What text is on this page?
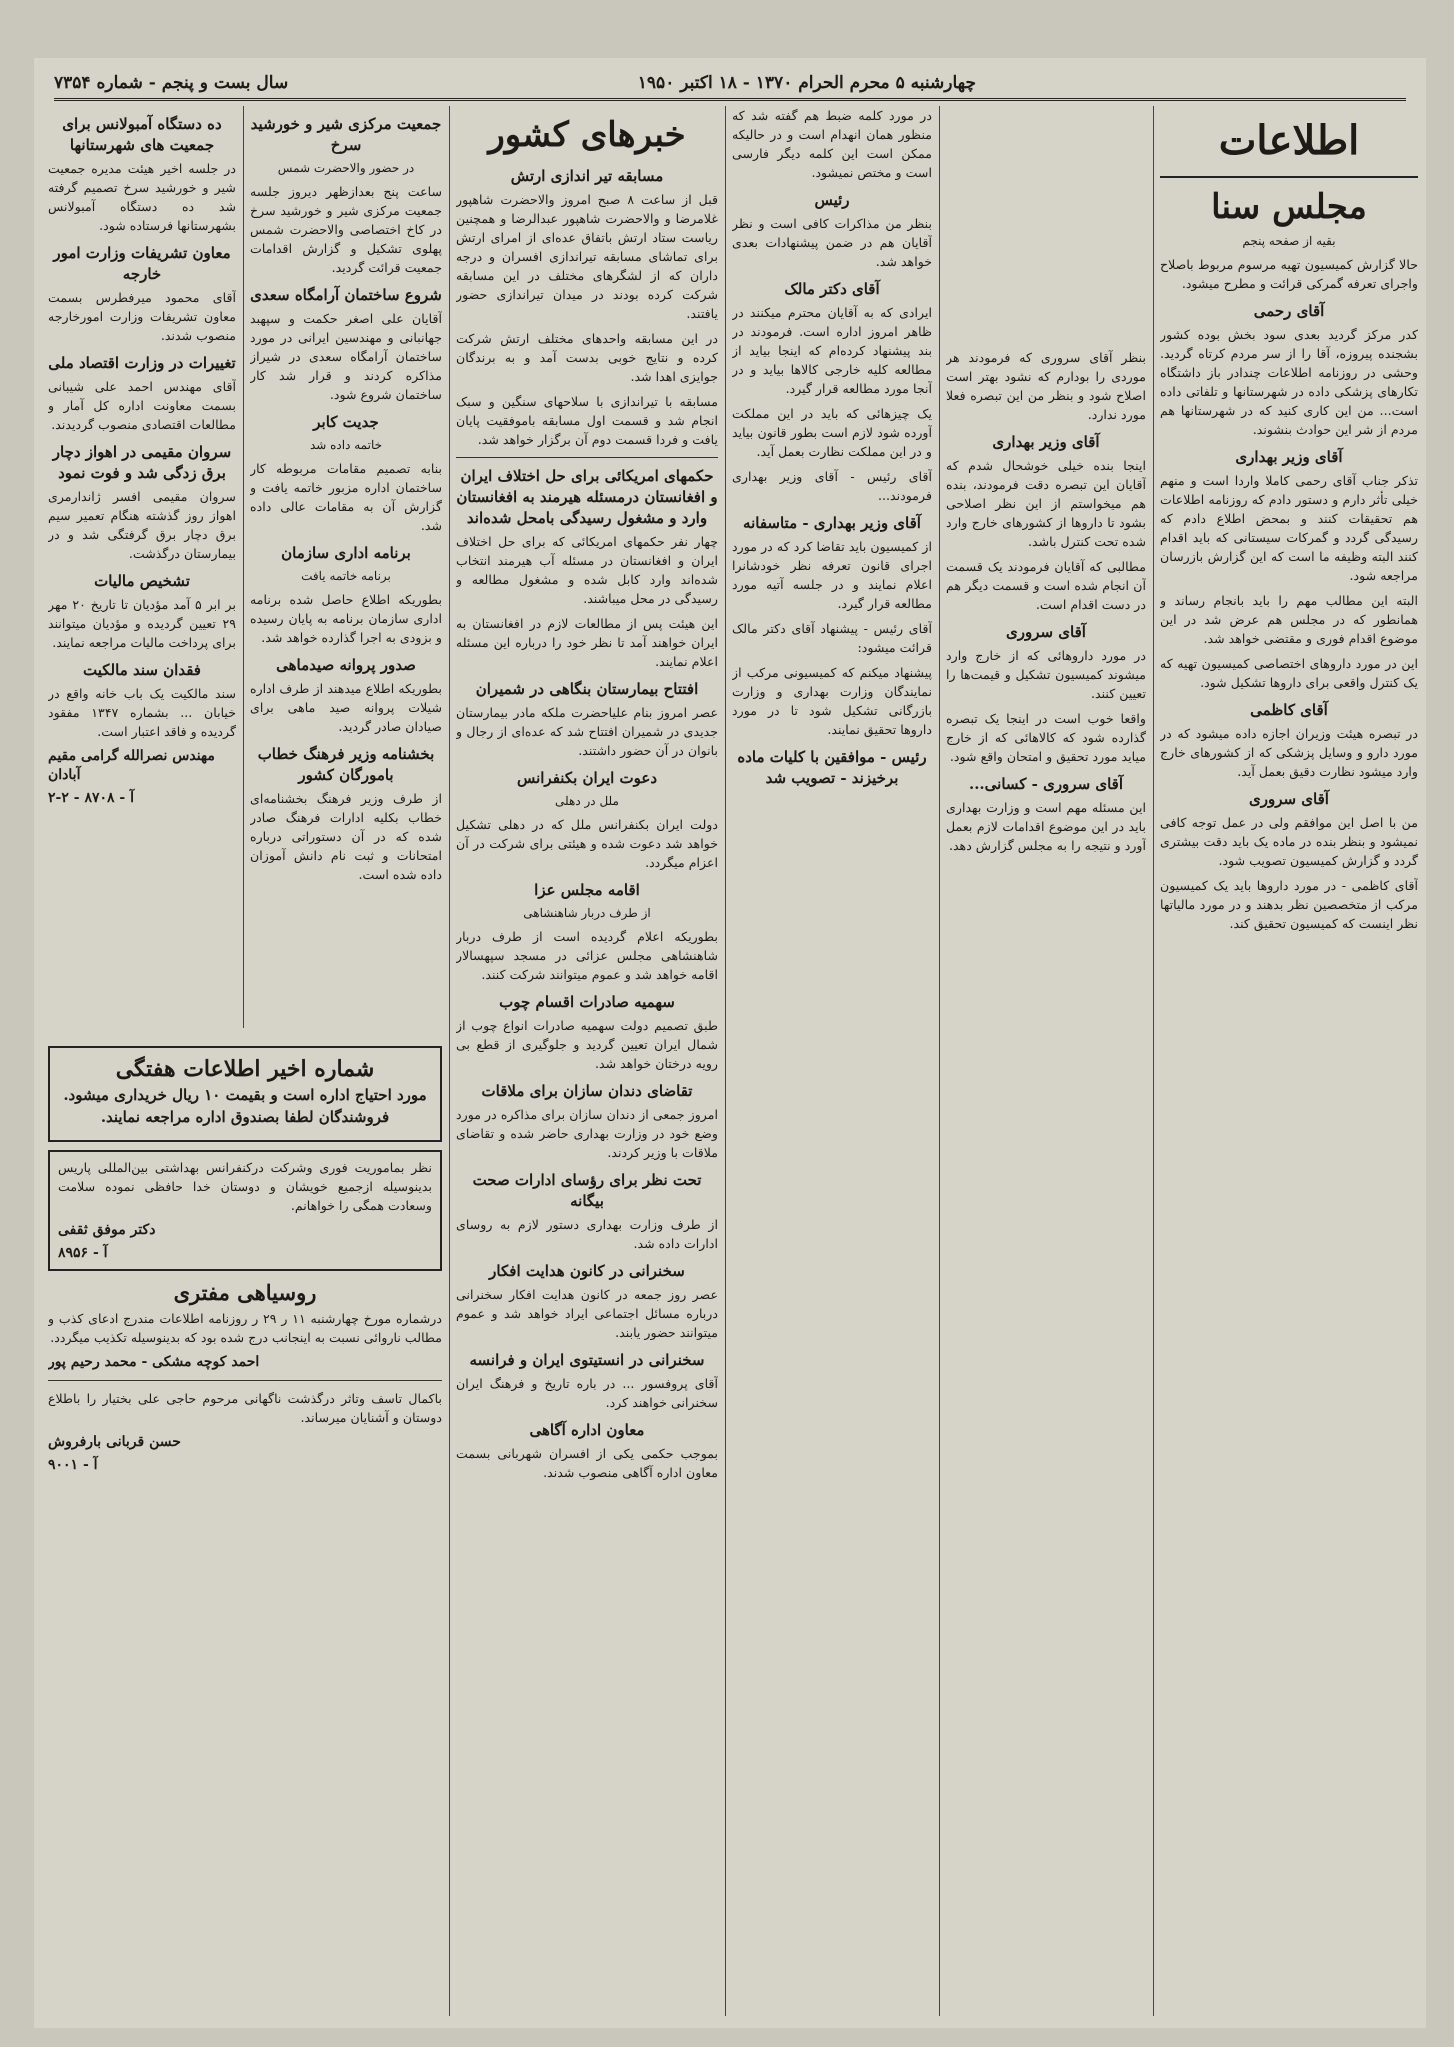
چهارشنبه ۵ محرم الحرام ۱۳۷۰ - ۱۸ اکتبر ۱۹۵۰
سال بست و پنجم - شماره ۷۳۵۴
اطلاعات
مجلس سنا
بقیه از صفحه پنجم

حالا گزارش کمیسیون تهیه مرسوم مربوط باصلاح واجرای تعرفه گمرکی قرائت و مطرح میشود.

آقای رحمی

کدر مرکز گردید بعدی سود بخش بوده کشور بشجنده پیروزه، آقا را از سر مردم کرتاه گردید. وحشی در روزنامه اطلاعات چندادر باز داشتگاه تکارهای پزشکی داده در شهرستانها و تلفاتی داده است... من این کاری کنید که در شهرستانها هم مردم از شر این حوادث بنشوند.

آقای وزیر بهداری

تذکر جناب آقای رحمی کاملا واردا است و منهم خیلی تأثر دارم و دستور دادم که روزنامه اطلاعات هم تحقیقات کنند و بمحض اطلاع دادم که رسیدگی گردد و گمرکات سیستانی که باید اقدام کنند البته وظیفه ما است که این گزارش بازرسان مراجعه شود.

البته این مطالب مهم را باید بانجام رساند و همانطور که در مجلس هم عرض شد در این موضوع اقدام فوری و مقتضی خواهد شد.

این در مورد داروهای اختصاصی کمیسیون تهیه که یک کنترل واقعی برای داروها تشکیل شود.

آقای کاظمی

در تبصره هیئت وزیران اجازه داده میشود که در مورد دارو و وسایل پزشکی که از کشورهای خارج وارد میشود نظارت دقیق بعمل آید.

آقای سروری

من با اصل این موافقم ولی در عمل توجه کافی نمیشود و بنظر بنده در ماده یک باید دقت بیشتری گردد و گزارش کمیسیون تصویب شود.

آقای کاظمی - در مورد داروها باید یک کمیسیون مرکب از متخصصین نظر بدهند و در مورد مالیاتها نظر اینست که کمیسیون تحقیق کند.

بنظر آقای سروری که فرمودند هر موردی را بودارم که نشود بهتر است اصلاح شود و بنظر من این تبصره فعلا مورد ندارد.

آقای وزیر بهداری

اینجا بنده خیلی خوشحال شدم که آقایان این تبصره دقت فرمودند، بنده هم میخواستم از این نظر اصلاحی بشود تا داروها از کشورهای خارج وارد شده تحت کنترل باشد.

مطالبی که آقایان فرمودند یک قسمت آن انجام شده است و قسمت دیگر هم در دست اقدام است.

آقای سروری

در مورد داروهائی که از خارج وارد میشوند کمیسیون تشکیل و قیمت‌ها را تعیین کنند.

واقعا خوب است در اینجا یک تبصره گذارده شود که کالاهائی که از خارج میاید مورد تحقیق و امتحان واقع شود.

آقای سروری - کسانی...

این مسئله مهم است و وزارت بهداری باید در این موضوع اقدامات لازم بعمل آورد و نتیجه را به مجلس گزارش دهد.

در مورد کلمه ضبط هم گفته شد که منظور همان انهدام است و در حالیکه ممکن است این کلمه دیگر فارسی است و مختص نمیشود.

رئیس

بنظر من مذاکرات کافی است و نظر آقایان هم در ضمن پیشنهادات بعدی خواهد شد.

آقای دکتر مالک

ایرادی که به آقایان محترم میکنند در ظاهر امروز اداره است. فرمودند در بند پیشنهاد کرده‌ام که اینجا بیاید از مطالعه کلیه خارجی کالاها بیاید و در آنجا مورد مطالعه قرار گیرد.

یک چیزهائی که باید در این مملکت آورده شود لازم است بطور قانون بیاید و در این مملکت نظارت بعمل آید.

آقای رئیس - آقای وزیر بهداری فرمودند...

آقای وزیر بهداری - متاسفانه

از کمیسیون باید تقاضا کرد که در مورد اجرای قانون تعرفه نظر خودشانرا اعلام نمایند و در جلسه آتیه مورد مطالعه قرار گیرد.

آقای رئیس - پیشنهاد آقای دکتر مالک قرائت میشود:

پیشنهاد میکنم که کمیسیونی مرکب از نمایندگان وزارت بهداری و وزارت بازرگانی تشکیل شود تا در مورد داروها تحقیق نمایند.

رئیس - موافقین با کلیات ماده برخیزند - تصویب شد
خبرهای کشور
مسابقه تیر اندازی ارتش

قبل از ساعت ۸ صبح امروز والاحضرت شاهپور غلامرضا و والاحضرت شاهپور عبدالرضا و همچنین ریاست ستاد ارتش باتفاق عده‌ای از امرای ارتش برای تماشای مسابقه تیراندازی افسران و درجه داران که از لشگرهای مختلف در این مسابقه شرکت کرده بودند در میدان تیراندازی حضور یافتند.

در این مسابقه واحدهای مختلف ارتش شرکت کرده و نتایج خوبی بدست آمد و به برندگان جوایزی اهدا شد.

مسابقه با تیراندازی با سلاحهای سنگین و سبک انجام شد و قسمت اول مسابقه باموفقیت پایان یافت و فردا قسمت دوم آن برگزار خواهد شد.

حکمهای امریکائی برای حل اختلاف ایران و افغانستان درمسئله هیرمند به افغانستان وارد و مشغول رسیدگی بامحل شده‌اند

چهار نفر حکمهای امریکائی که برای حل اختلاف ایران و افغانستان در مسئله آب هیرمند انتخاب شده‌اند وارد کابل شده و مشغول مطالعه و رسیدگی در محل میباشند.

این هیئت پس از مطالعات لازم در افغانستان به ایران خواهند آمد تا نظر خود را درباره این مسئله اعلام نمایند.

افتتاح بیمارستان بنگاهی در شمیران

عصر امروز بنام علیاحضرت ملکه مادر بیمارستان جدیدی در شمیران افتتاح شد که عده‌ای از رجال و بانوان در آن حضور داشتند.

دعوت ایران بکنفرانس
ملل در دهلی

دولت ایران بکنفرانس ملل که در دهلی تشکیل خواهد شد دعوت شده و هیئتی برای شرکت در آن اعزام میگردد.

اقامه مجلس عزا
از طرف دربار شاهنشاهی

بطوریکه اعلام گردیده است از طرف دربار شاهنشاهی مجلس عزائی در مسجد سپهسالار اقامه خواهد شد و عموم میتوانند شرکت کنند.

سهمیه صادرات اقسام چوب

طبق تصمیم دولت سهمیه صادرات انواع چوب از شمال ایران تعیین گردید و جلوگیری از قطع بی رویه درختان خواهد شد.

تقاضای دندان سازان برای ملاقات

امروز جمعی از دندان سازان برای مذاکره در مورد وضع خود در وزارت بهداری حاضر شده و تقاضای ملاقات با وزیر کردند.

تحت نظر برای رؤسای ادارات صحت بیگانه

از طرف وزارت بهداری دستور لازم به روسای ادارات داده شد.

سخنرانی در کانون هدایت افکار

عصر روز جمعه در کانون هدایت افکار سخنرانی درباره مسائل اجتماعی ایراد خواهد شد و عموم میتوانند حضور یابند.

سخنرانی در انستیتوی ایران و فرانسه

آقای پروفسور ... در باره تاریخ و فرهنگ ایران سخنرانی خواهند کرد.

معاون اداره آگاهی

بموجب حکمی یکی از افسران شهربانی بسمت معاون اداره آگاهی منصوب شدند.

جمعیت مرکزی شیر و خورشید سرخ
در حضور والاحضرت شمس

ساعت پنج بعدازظهر دیروز جلسه جمعیت مرکزی شیر و خورشید سرخ در کاخ اختصاصی والاحضرت شمس پهلوی تشکیل و گزارش اقدامات جمعیت قرائت گردید.

شروع ساختمان آرامگاه سعدی

آقایان علی اصغر حکمت و سپهبد جهانبانی و مهندسین ایرانی در مورد ساختمان آرامگاه سعدی در شیراز مذاکره کردند و قرار شد کار ساختمان شروع شود.

جدیت کابر
خاتمه داده شد

بنابه تصمیم مقامات مربوطه کار ساختمان اداره مزبور خاتمه یافت و گزارش آن به مقامات عالی داده شد.

برنامه اداری سازمان
برنامه خاتمه یافت

بطوریکه اطلاع حاصل شده برنامه اداری سازمان برنامه به پایان رسیده و بزودی به اجرا گذارده خواهد شد.

صدور پروانه صیدماهی

بطوریکه اطلاع میدهند از طرف اداره شیلات پروانه صید ماهی برای صیادان صادر گردید.

بخشنامه وزیر فرهنگ خطاب بامورگان کشور

از طرف وزیر فرهنگ بخشنامه‌ای خطاب بکلیه ادارات فرهنگ صادر شده که در آن دستوراتی درباره امتحانات و ثبت نام دانش آموزان داده شده است.

ده دستگاه آمبولانس برای جمعیت های شهرستانها

در جلسه اخیر هیئت مدیره جمعیت شیر و خورشید سرخ تصمیم گرفته شد ده دستگاه آمبولانس بشهرستانها فرستاده شود.

معاون تشریفات وزارت امور خارجه

آقای محمود میرفطرس بسمت معاون تشریفات وزارت امورخارجه منصوب شدند.

تغییرات در وزارت اقتصاد ملی

آقای مهندس احمد علی شیبانی بسمت معاونت اداره کل آمار و مطالعات اقتصادی منصوب گردیدند.

سروان مقیمی در اهواز دچار برق زدگی شد و فوت نمود

سروان مقیمی افسر ژاندارمری اهواز روز گذشته هنگام تعمیر سیم برق دچار برق گرفتگی شد و در بیمارستان درگذشت.

تشخیص مالیات

بر ابر ۵ آمد مؤدیان تا تاریخ ۲۰ مهر ۲۹ تعیین گردیده و مؤدیان میتوانند برای پرداخت مالیات مراجعه نمایند.

فقدان سند مالکیت

سند مالکیت یک باب خانه واقع در خیابان ... بشماره ۱۳۴۷ مفقود گردیده و فاقد اعتبار است.

مهندس نصرالله گرامی مقیم آبادان
آ - ۸۷۰۸ - ۲-۲
شماره اخیر اطلاعات هفتگی

مورد احتیاج اداره است و بقیمت ۱۰ ریال خریداری میشود. فروشندگان لطفا بصندوق اداره مراجعه نمایند.

نظر بماموریت فوری وشرکت درکنفرانس بهداشتی بین‌المللی پاریس بدینوسیله ازجمیع خویشان و دوستان خدا حافظی نموده سلامت وسعادت همگی را خواهانم.

دکتر موفق ثقفی
آ - ۸۹۵۶
روسیاهی مفتری

درشماره مورخ چهارشنبه ۱۱ ر ۲۹ ر روزنامه اطلاعات مندرج ادعای کذب و مطالب ناروائی نسبت به اینجانب درج شده بود که بدینوسیله تکذیب میگردد.

احمد کوچه مشکی - محمد رحیم پور

باکمال تاسف وتاثر درگذشت ناگهانی مرحوم حاجی علی بختیار را باطلاع دوستان و آشنایان میرساند.

حسن قربانی بارفروش
آ - ۹۰۰۱
